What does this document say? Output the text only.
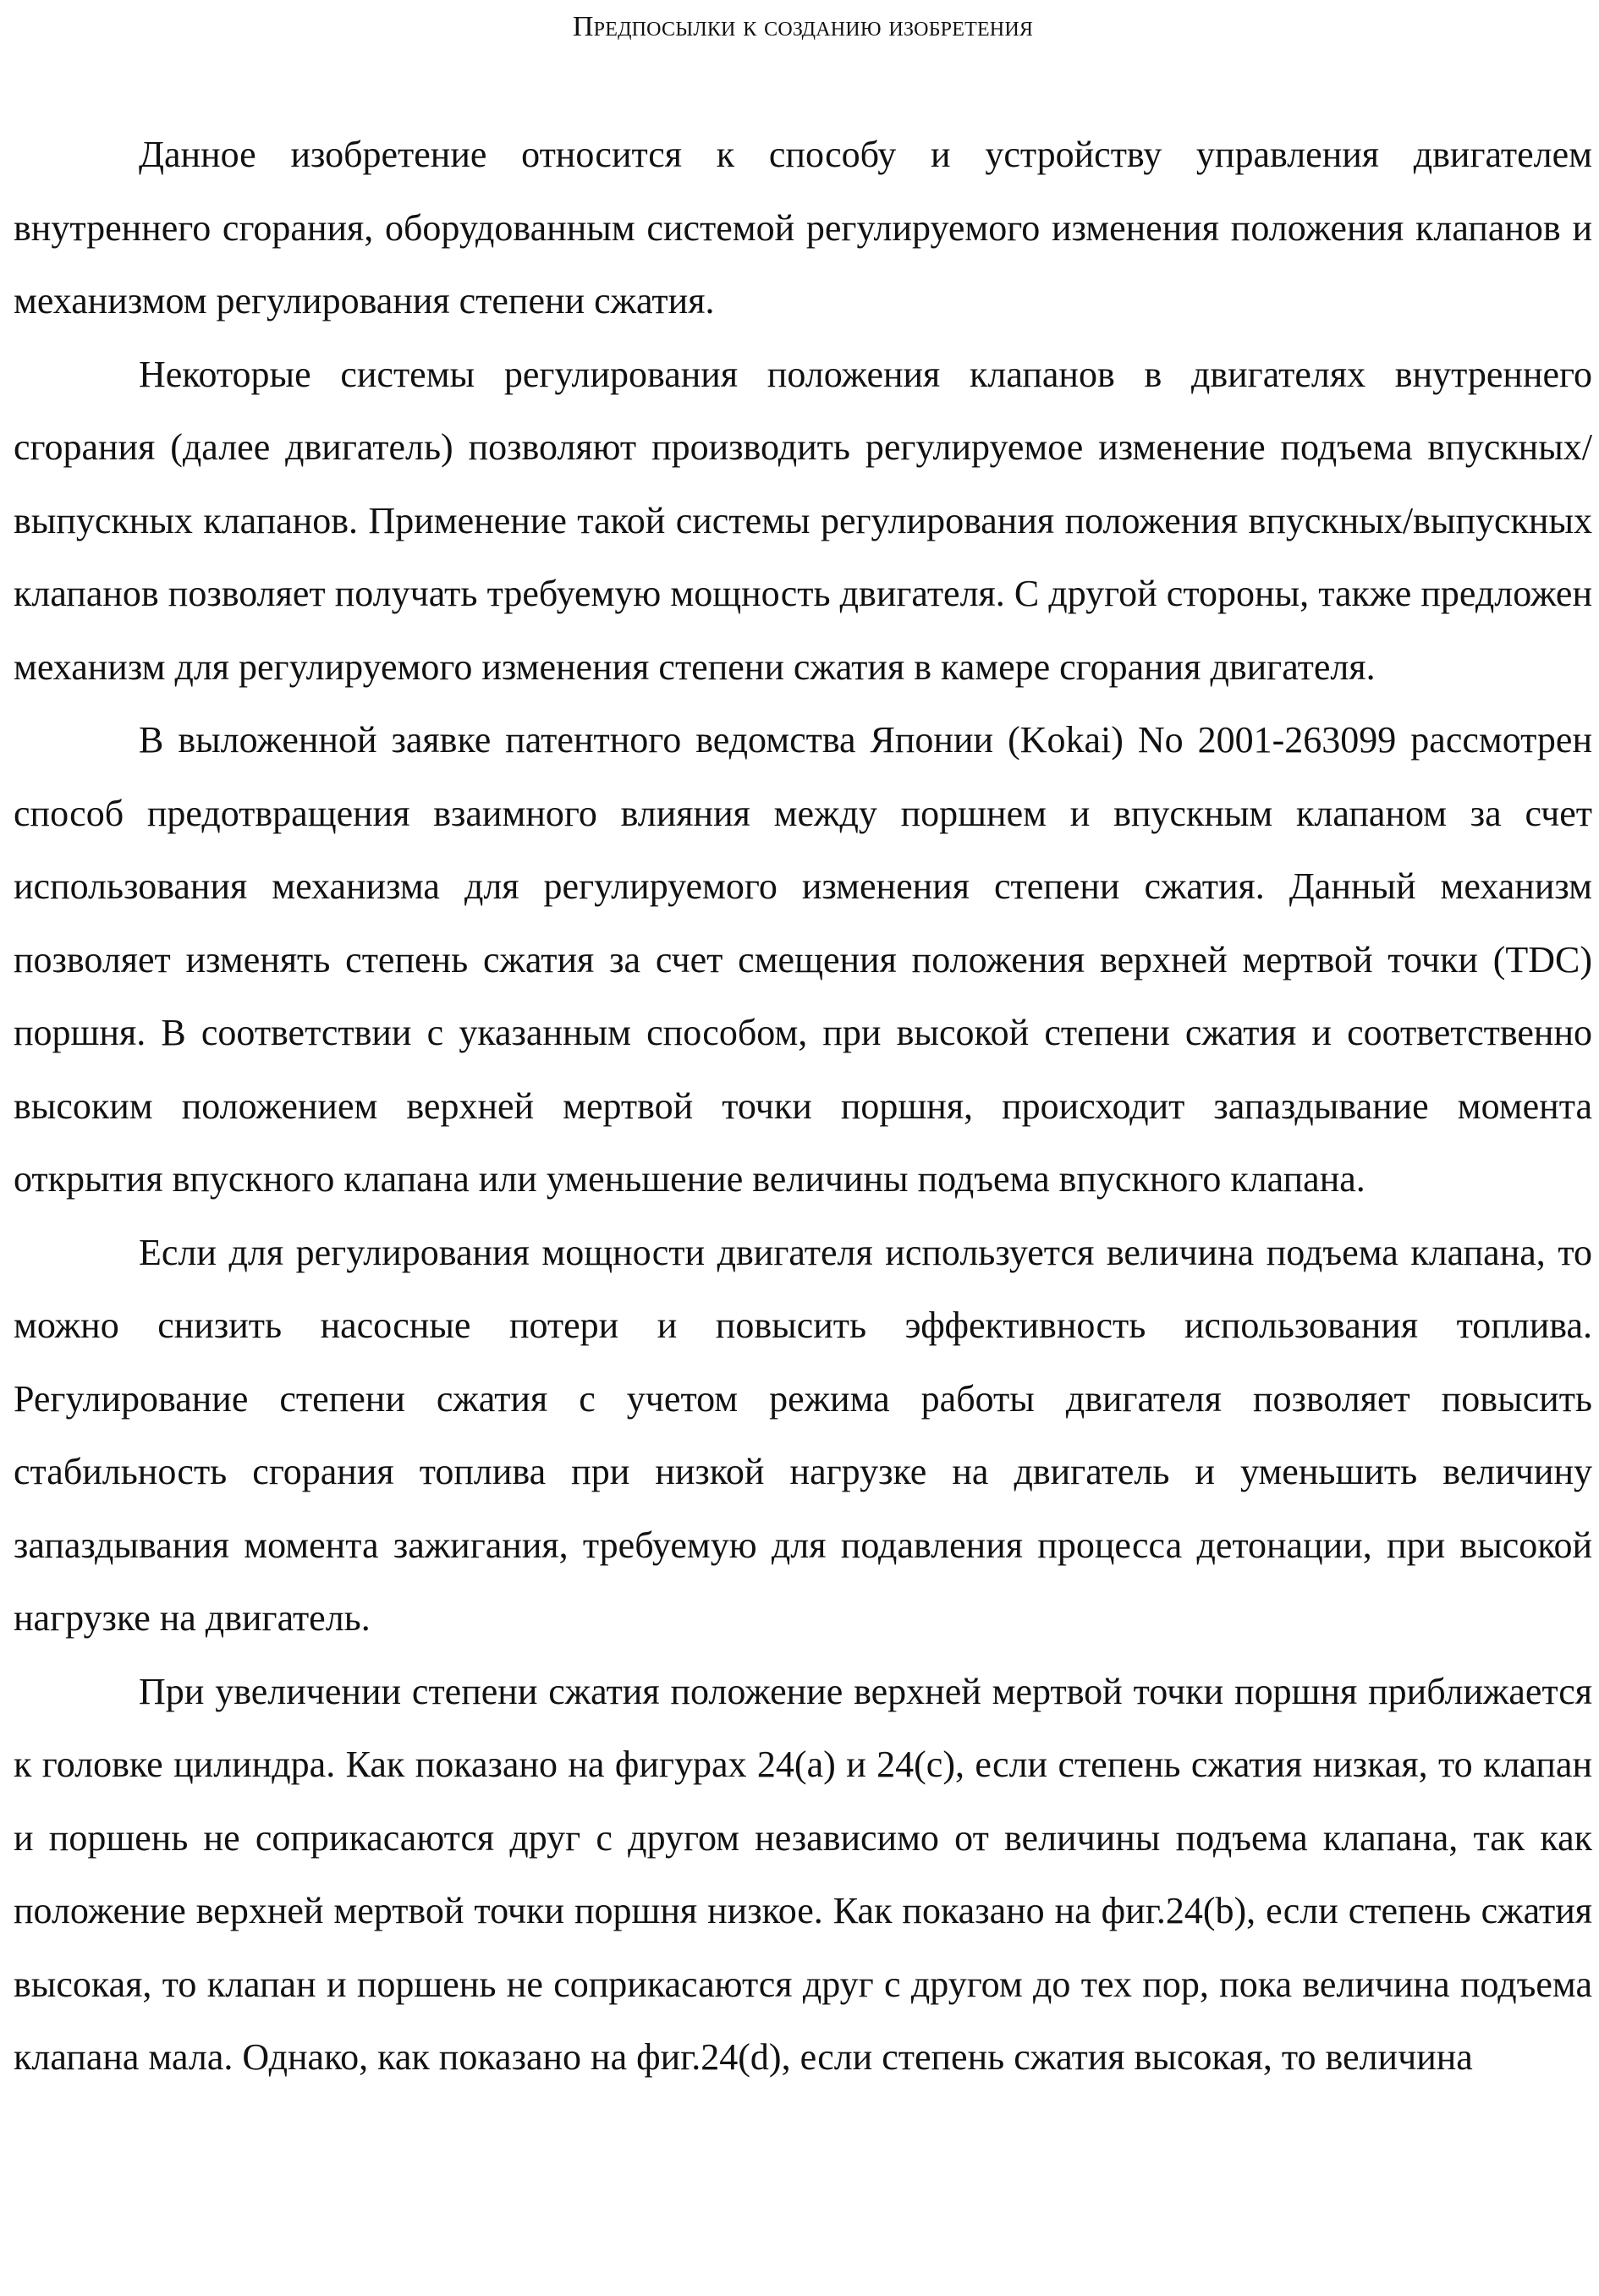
Предпосылки к созданию изобретения

Данное изобретение относится к способу и устройству управления двигателем внутреннего сгорания, оборудованным системой регулируемого изменения положения клапанов и механизмом регулирования степени сжатия.

Некоторые системы регулирования положения клапанов в двигателях внутреннего сгорания (далее двигатель) позволяют производить регулируемое изменение подъема впускных/выпускных клапанов. Применение такой системы регулирования положения впускных/выпускных клапанов позволяет получать требуемую мощность двигателя. С другой стороны, также предложен механизм для регулируемого изменения степени сжатия в камере сгорания двигателя.

В выложенной заявке патентного ведомства Японии (Kokai) No 2001-263099 рассмотрен способ предотвращения взаимного влияния между поршнем и впускным клапаном за счет использования механизма для регулируемого изменения степени сжатия. Данный механизм позволяет изменять степень сжатия за счет смещения положения верхней мертвой точки (TDC) поршня. В соответствии с указанным способом, при высокой степени сжатия и соответственно высоким положением верхней мертвой точки поршня, происходит запаздывание момента открытия впускного клапана или уменьшение величины подъема впускного клапана.

Если для регулирования мощности двигателя используется величина подъема клапана, то можно снизить насосные потери и повысить эффективность использования топлива. Регулирование степени сжатия с учетом режима работы двигателя позволяет повысить стабильность сгорания топлива при низкой нагрузке на двигатель и уменьшить величину запаздывания момента зажигания, требуемую для подавления процесса детонации, при высокой нагрузке на двигатель.

При увеличении степени сжатия положение верхней мертвой точки поршня приближается к головке цилиндра. Как показано на фигурах 24(a) и 24(c), если степень сжатия низкая, то клапан и поршень не соприкасаются друг с другом независимо от величины подъема клапана, так как положение верхней мертвой точки поршня низкое. Как показано на фиг.24(b), если степень сжатия высокая, то клапан и поршень не соприкасаются друг с другом до тех пор, пока величина подъема клапана мала. Однако, как показано на фиг.24(d), если степень сжатия высокая, то величина
